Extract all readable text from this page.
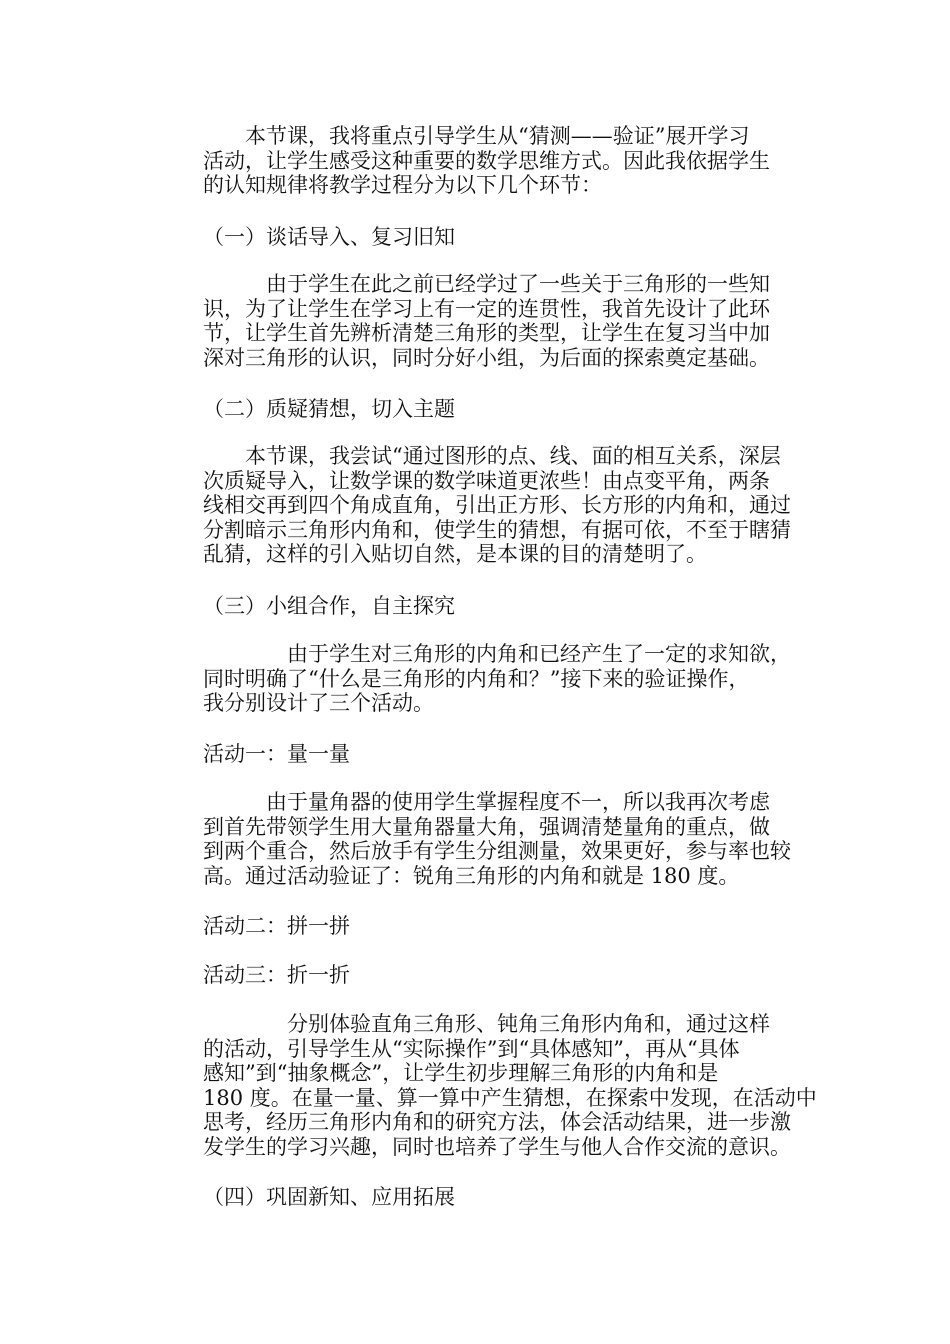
　　本节课，我将重点引导学生从“猜测——验证”展开学习
活动，让学生感受这种重要的数学思维方式。因此我依据学生
的认知规律将教学过程分为以下几个环节：
（一）谈话导入、复习旧知
　　　由于学生在此之前已经学过了一些关于三角形的一些知
识，为了让学生在学习上有一定的连贯性，我首先设计了此环
节，让学生首先辨析清楚三角形的类型，让学生在复习当中加
深对三角形的认识，同时分好小组，为后面的探索奠定基础。
（二）质疑猜想，切入主题
　　本节课，我尝试“通过图形的点、线、面的相互关系，深层
次质疑导入，让数学课的数学味道更浓些！由点变平角，两条
线相交再到四个角成直角，引出正方形、长方形的内角和，通过
分割暗示三角形内角和，使学生的猜想，有据可依，不至于瞎猜
乱猜，这样的引入贴切自然，是本课的目的清楚明了。
（三）小组合作，自主探究
　　　　由于学生对三角形的内角和已经产生了一定的求知欲，
同时明确了“什么是三角形的内角和？”接下来的验证操作，
我分别设计了三个活动。
活动一：量一量
　　　由于量角器的使用学生掌握程度不一，所以我再次考虑
到首先带领学生用大量角器量大角，强调清楚量角的重点，做
到两个重合，然后放手有学生分组测量，效果更好，参与率也较
高。通过活动验证了：锐角三角形的内角和就是 180 度。
活动二：拼一拼
活动三：折一折
　　　　分别体验直角三角形、钝角三角形内角和，通过这样
的活动，引导学生从“实际操作”到“具体感知”，再从“具体
感知”到“抽象概念”，让学生初步理解三角形的内角和是
180 度。在量一量、算一算中产生猜想，在探索中发现，在活动中
思考，经历三角形内角和的研究方法，体会活动结果，进一步激
发学生的学习兴趣，同时也培养了学生与他人合作交流的意识。
（四）巩固新知、应用拓展
